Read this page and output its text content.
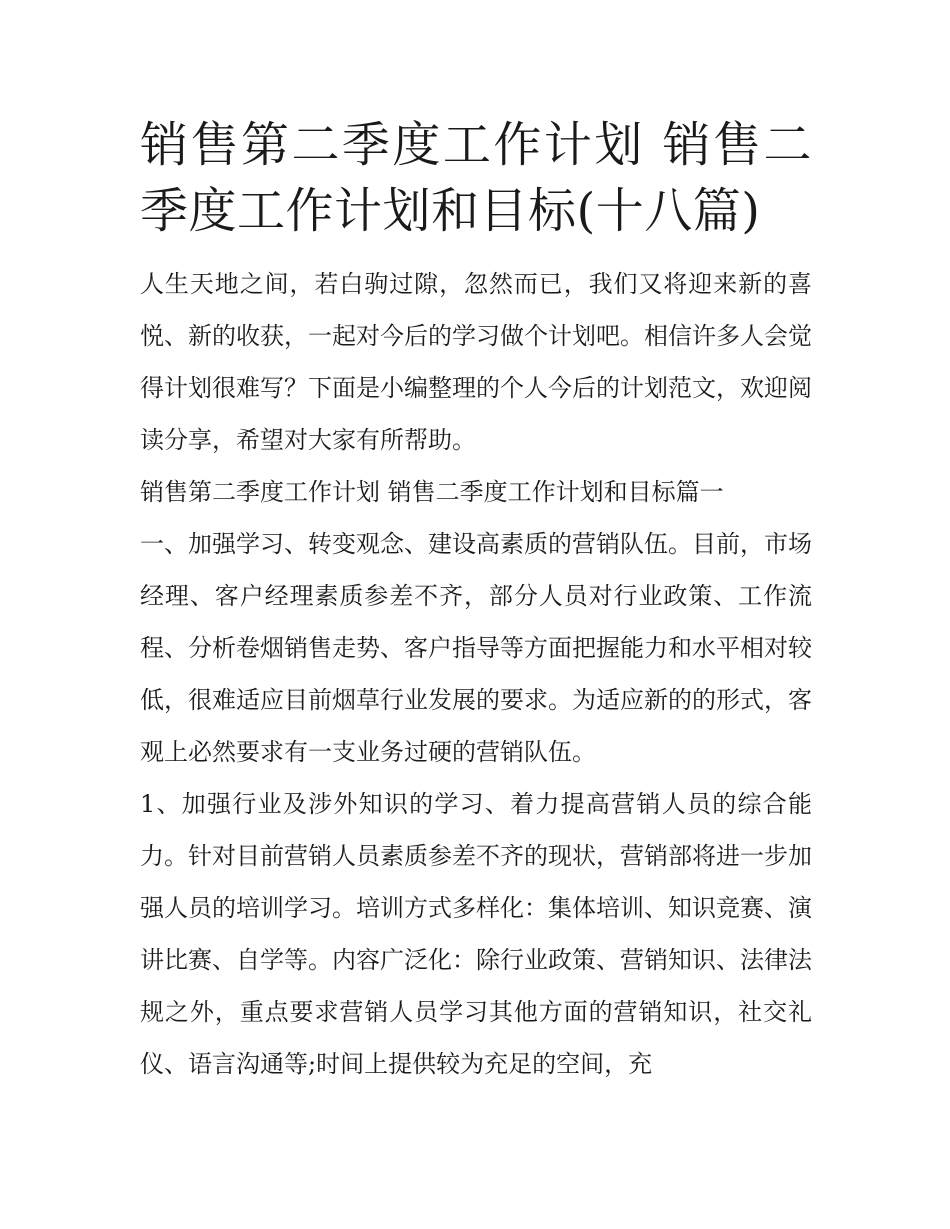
销售第二季度工作计划 销售二季度工作计划和目标(十八篇)

人生天地之间，若白驹过隙，忽然而已，我们又将迎来新的喜悦、新的收获，一起对今后的学习做个计划吧。相信许多人会觉得计划很难写？下面是小编整理的个人今后的计划范文，欢迎阅读分享，希望对大家有所帮助。

销售第二季度工作计划 销售二季度工作计划和目标篇一

一、加强学习、转变观念、建设高素质的营销队伍。目前，市场经理、客户经理素质参差不齐，部分人员对行业政策、工作流程、分析卷烟销售走势、客户指导等方面把握能力和水平相对较低，很难适应目前烟草行业发展的要求。为适应新的的形式，客观上必然要求有一支业务过硬的营销队伍。

1、加强行业及涉外知识的学习、着力提高营销人员的综合能力。针对目前营销人员素质参差不齐的现状，营销部将进一步加强人员的培训学习。培训方式多样化：集体培训、知识竞赛、演讲比赛、自学等。内容广泛化：除行业政策、营销知识、法律法规之外，重点要求营销人员学习其他方面的营销知识，社交礼仪、语言沟通等;时间上提供较为充足的空间，充
